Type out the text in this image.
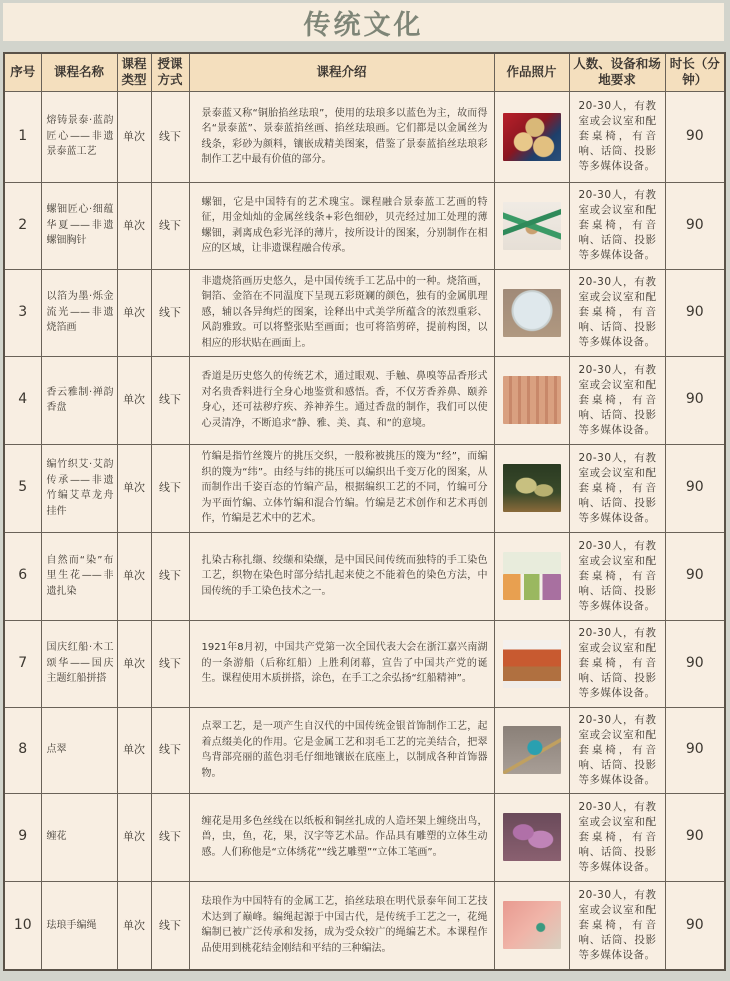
传统文化
序号	课程名称	课程类型	授课方式	课程介绍	作品照片	人数、设备和场地要求	时长（分钟）
1	熔铸景泰·蓝韵匠心——非遗景泰蓝工艺	单次	线下	景泰蓝又称“铜胎掐丝珐琅”，使用的珐琅多以蓝色为主，故而得名“景泰蓝”、景泰蓝掐丝画、掐丝珐琅画。它们都是以金属丝为线条，彩砂为颜料，镶嵌成精美图案，借鉴了景泰蓝掐丝珐琅彩制作工艺中最有价值的部分。		20-30人，有教室或会议室和配套桌椅，有音响、话筒、投影等多媒体设备。	90
2	螺钿匠心·细蕴华夏——非遗螺钿胸针	单次	线下	螺钿，它是中国特有的艺术瑰宝。课程融合景泰蓝工艺画的特征，用金灿灿的金属丝线条+彩色细砂，贝壳经过加工处理的薄螺钿，剥离成色彩光泽的薄片，按所设计的图案，分别制作在相应的区域，让非遗课程融合传承。		20-30人，有教室或会议室和配套桌椅，有音响、话筒、投影等多媒体设备。	90
3	以箔为墨·烁金流光——非遗烧箔画	单次	线下	非遗烧箔画历史悠久，是中国传统手工艺品中的一种。烧箔画，铜箔、金箔在不同温度下呈现五彩斑斓的颜色，独有的金属肌理感，辅以各异绚烂的图案，诠释出中式美学所蕴含的浓烈重彩、风韵雅致。可以将整张贴至画面；也可将箔剪碎，提前构图，以相应的形状贴在画面上。		20-30人，有教室或会议室和配套桌椅，有音响、话筒、投影等多媒体设备。	90
4	香云雅制·禅韵香盘	单次	线下	香道是历史悠久的传统艺术，通过眼观、手触、鼻嗅等品香形式对名贵香料进行全身心地鉴赏和感悟。香，不仅芳香养鼻、颐养身心，还可祛秽疗疾、养神养生。通过香盘的制作，我们可以使心灵清净，不断追求“静、雅、美、真、和”的意境。		20-30人，有教室或会议室和配套桌椅，有音响、话筒、投影等多媒体设备。	90
5	编竹织艾·艾韵传承——非遗竹编艾草龙舟挂件	单次	线下	竹编是指竹丝篾片的挑压交织，一般称被挑压的篾为“经”，而编织的篾为“纬”。由经与纬的挑压可以编织出千变万化的图案，从而制作出千姿百态的竹编产品，根据编织工艺的不同，竹编可分为平面竹编、立体竹编和混合竹编。竹编是艺术创作和艺术再创作，竹编是艺术中的艺术。		20-30人，有教室或会议室和配套桌椅，有音响、话筒、投影等多媒体设备。	90
6	自然而“染”布里生花——非遗扎染	单次	线下	扎染古称扎缬、绞缬和染缬，是中国民间传统而独特的手工染色工艺，织物在染色时部分结扎起来使之不能着色的染色方法，中国传统的手工染色技术之一。		20-30人，有教室或会议室和配套桌椅，有音响、话筒、投影等多媒体设备。	90
7	国庆红船·木工颂华——国庆主题红船拼搭	单次	线下	1921年8月初，中国共产党第一次全国代表大会在浙江嘉兴南湖的一条游船（后称红船）上胜利闭幕，宣告了中国共产党的诞生。课程使用木质拼搭，涂色，在手工之余弘扬“红船精神”。		20-30人，有教室或会议室和配套桌椅，有音响、话筒、投影等多媒体设备。	90
8	点翠	单次	线下	点翠工艺，是一项产生自汉代的中国传统金银首饰制作工艺，起着点缀美化的作用。它是金属工艺和羽毛工艺的完美结合，把翠鸟背部亮丽的蓝色羽毛仔细地镶嵌在底座上，以制成各种首饰器物。		20-30人，有教室或会议室和配套桌椅，有音响、话筒、投影等多媒体设备。	90
9	缠花	单次	线下	缠花是用多色丝线在以纸板和铜丝扎成的人造坯架上缠绕出鸟，兽，虫，鱼，花，果，汉字等艺术品。作品具有雕塑的立体生动感。人们称他是“立体绣花”“线艺雕塑”“立体工笔画”。		20-30人，有教室或会议室和配套桌椅，有音响、话筒、投影等多媒体设备。	90
10	珐琅手编绳	单次	线下	珐琅作为中国特有的金属工艺，掐丝珐琅在明代景泰年间工艺技术达到了巅峰。编绳起源于中国古代，是传统手工艺之一，花绳编制已被广泛传承和发扬，成为受众较广的绳编艺术。本课程作品使用到桃花结金刚结和平结的三种编法。		20-30人，有教室或会议室和配套桌椅，有音响、话筒、投影等多媒体设备。	90
